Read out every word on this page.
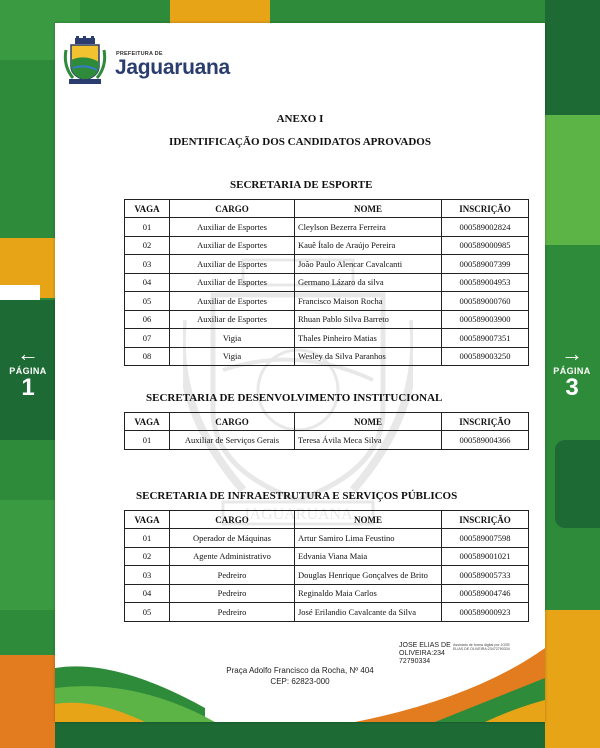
←
PÁGINA
1
→
PÁGINA
3
PREFEITURA DE
Jaguaruana
JAGUARUANA
ANEXO I
IDENTIFICAÇÃO DOS CANDIDATOS APROVADOS
SECRETARIA DE ESPORTE
VAGA	CARGO	NOME	INSCRIÇÃO
01	Auxiliar de Esportes	Cleylson Bezerra Ferreira	000589002824
02	Auxiliar de Esportes	Kauê Ítalo de Araújo Pereira	000589000985
03	Auxiliar de Esportes	João Paulo Alencar Cavalcanti	000589007399
04	Auxiliar de Esportes	Germano Lázaro da silva	000589004953
05	Auxiliar de Esportes	Francisco Maison Rocha	000589000760
06	Auxiliar de Esportes	Rhuan Pablo Silva Barreto	000589003900
07	Vigia	Thales Pinheiro Matias	000589007351
08	Vigia	Wesley da Silva Paranhos	000589003250
SECRETARIA DE DESENVOLVIMENTO INSTITUCIONAL
VAGA	CARGO	NOME	INSCRIÇÃO
01	Auxiliar de Serviços Gerais	Teresa Ávila Meca Silva	000589004366
SECRETARIA DE INFRAESTRUTURA E SERVIÇOS PÚBLICOS
VAGA	CARGO	NOME	INSCRIÇÃO
01	Operador de Máquinas	Artur Samiro Lima Feustino	000589007598
02	Agente Administrativo	Edvania Viana Maia	000589001021
03	Pedreiro	Douglas Henrique Gonçalves de Brito	000589005733
04	Pedreiro	Reginaldo Maia Carlos	000589004746
05	Pedreiro	José Erilandio Cavalcante da Silva	000589000923
JOSE ELIAS DE OLIVEIRA:234 72790334
Assinado de forma digital por JOSE ELIAS DE OLIVEIRA:23472790334
Praça Adolfo Francisco da Rocha, Nº 404
CEP: 62823-000
